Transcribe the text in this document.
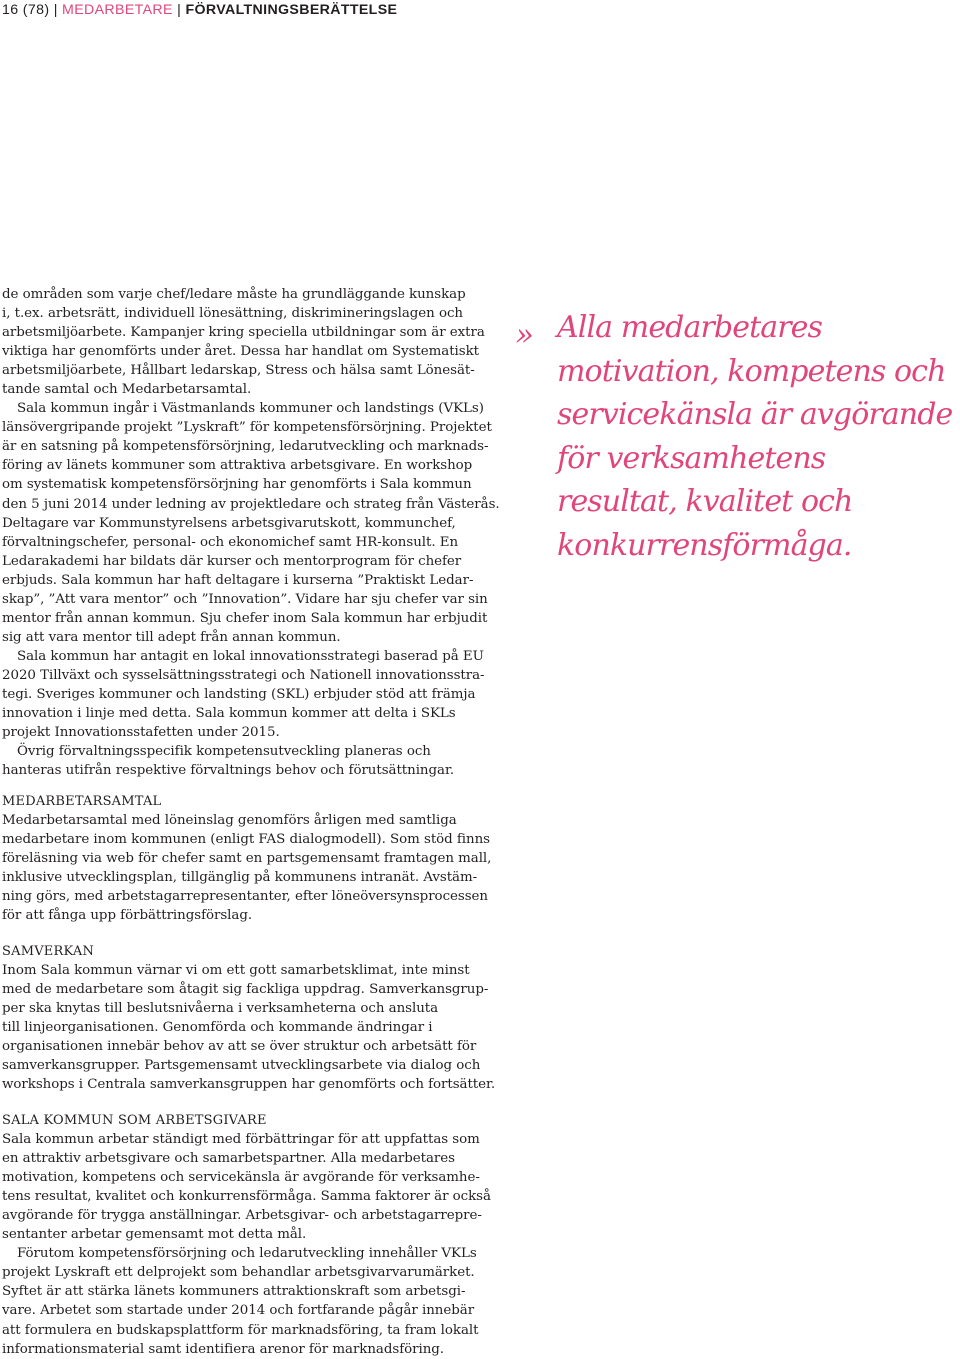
16 (78) | MEDARBETARE | FÖRVALTNINGSBERÄTTELSE

de områden som varje chef/ledare måste ha grundläggande kunskap

i, t.ex. arbetsrätt, individuell lönesättning, diskrimineringslagen och

arbetsmiljöarbete. Kampanjer kring speciella utbildningar som är extra

viktiga har genomförts under året. Dessa har handlat om Systematiskt

arbetsmiljöarbete, Hållbart ledarskap, Stress och hälsa samt Lönesät-

tande samtal och Medarbetarsamtal.

Sala kommun ingår i Västmanlands kommuner och landstings (VKLs)

länsövergripande projekt ”Lyskraft” för kompetensförsörjning. Projektet

är en satsning på kompetensförsörjning, ledarutveckling och marknads-

föring av länets kommuner som attraktiva arbetsgivare. En workshop

om systematisk kompetensförsörjning har genomförts i Sala kommun

den 5 juni 2014 under ledning av projektledare och strateg från Västerås.

Deltagare var Kommunstyrelsens arbetsgivarutskott, kommunchef,

förvaltningschefer, personal- och ekonomichef samt HR-konsult. En

Ledarakademi har bildats där kurser och mentorprogram för chefer

erbjuds. Sala kommun har haft deltagare i kurserna ”Praktiskt Ledar-

skap”, ”Att vara mentor” och ”Innovation”. Vidare har sju chefer var sin

mentor från annan kommun. Sju chefer inom Sala kommun har erbjudit

sig att vara mentor till adept från annan kommun.

Sala kommun har antagit en lokal innovationsstrategi baserad på EU

2020 Tillväxt och sysselsättningsstrategi och Nationell innovationsstra-

tegi. Sveriges kommuner och landsting (SKL) erbjuder stöd att främja

innovation i linje med detta. Sala kommun kommer att delta i SKLs

projekt Innovationsstafetten under 2015.

Övrig förvaltningsspecifik kompetensutveckling planeras och

hanteras utifrån respektive förvaltnings behov och förutsättningar.

MEDARBETARSAMTAL

Medarbetarsamtal med löneinslag genomförs årligen med samtliga

medarbetare inom kommunen (enligt FAS dialogmodell). Som stöd finns

föreläsning via web för chefer samt en partsgemensamt framtagen mall,

inklusive utvecklingsplan, tillgänglig på kommunens intranät. Avstäm-

ning görs, med arbetstagarrepresentanter, efter löneöversynsprocessen

för att fånga upp förbättringsförslag.

SAMVERKAN

Inom Sala kommun värnar vi om ett gott samarbetsklimat, inte minst

med de medarbetare som åtagit sig fackliga uppdrag. Samverkansgrup-

per ska knytas till beslutsnivåerna i verksamheterna och ansluta

till linjeorganisationen. Genomförda och kommande ändringar i

organisationen innebär behov av att se över struktur och arbetsätt för

samverkansgrupper. Partsgemensamt utvecklingsarbete via dialog och

workshops i Centrala samverkansgruppen har genomförts och fortsätter.

SALA KOMMUN SOM ARBETSGIVARE

Sala kommun arbetar ständigt med förbättringar för att uppfattas som

en attraktiv arbetsgivare och samarbetspartner. Alla medarbetares

motivation, kompetens och servicekänsla är avgörande för verksamhe-

tens resultat, kvalitet och konkurrensförmåga. Samma faktorer är också

avgörande för trygga anställningar. Arbetsgivar- och arbetstagarrepre-

sentanter arbetar gemensamt mot detta mål.

Förutom kompetensförsörjning och ledarutveckling innehåller VKLs

projekt Lyskraft ett delprojekt som behandlar arbetsgivarvarumärket.

Syftet är att stärka länets kommuners attraktionskraft som arbetsgi-

vare. Arbetet som startade under 2014 och fortfarande pågår innebär

att formulera en budskapsplattform för marknadsföring, ta fram lokalt

informationsmaterial samt identifiera arenor för marknadsföring.

» Alla medarbetares
motivation, kompetens och
servicekänsla är avgörande
för verksamhetens
resultat, kvalitet och
konkurrensförmåga.
